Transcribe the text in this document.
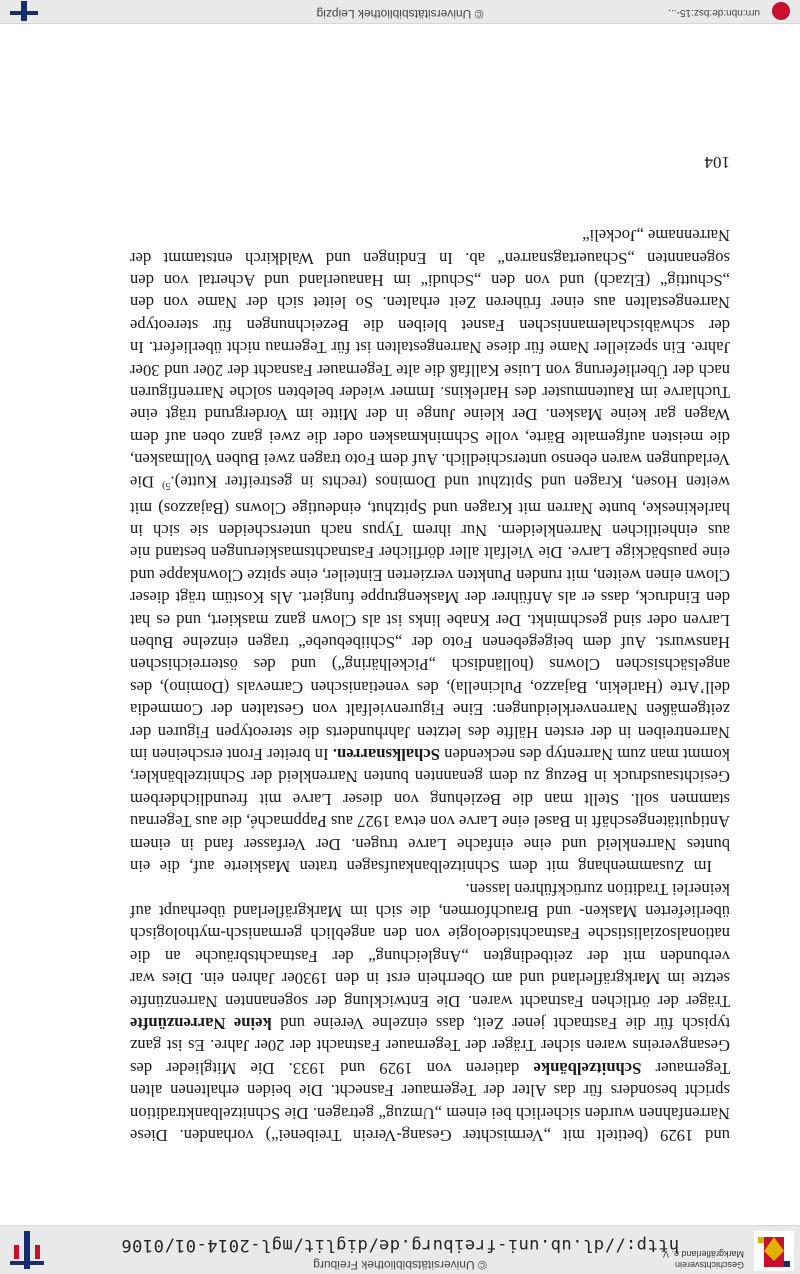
Geschichtsverein
Markgräflerland e. V.
© Universitätsbibliothek Freiburg
http://dl.ub.uni-freiburg.de/diglit/mgl-2014-01/0106

und 1929 (betitelt mit „Vermischter Gesang-Verein Treibenei“) vorhanden. Diese Narrenfahnen wurden sicherlich bei einem „Umzug“ getragen. Die Schnitzelbanktradition spricht besonders für das Alter der Tegernauer Fasnecht. Die beiden erhaltenen alten Tegernauer Schnitzelbänke datieren von 1929 und 1933. Die Mitglieder des Gesangvereins waren sicher Träger der Tegernauer Fastnacht der 20er Jahre. Es ist ganz typisch für die Fastnacht jener Zeit, dass einzelne Vereine und keine Narrenzünfte Träger der örtlichen Fastnacht waren. Die Entwicklung der sogenannten Narrenzünfte setzte im Markgräflerland und am Oberrhein erst in den 1930er Jahren ein. Dies war verbunden mit der zeitbedingten „Angleichung“ der Fastnachtsbräuche an die nationalsozialistische Fastnachtsideologie von den angeblich germanisch-mythologisch überlieferten Masken- und Brauchformen, die sich im Markgräflerland überhaupt auf keinerlei Tradition zurückführen lassen.

Im Zusammenhang mit dem Schnitzelbankaufsagen traten Maskierte auf, die ein buntes Narrenkleid und eine einfache Larve trugen. Der Verfasser fand in einem Antiquitätengeschäft in Basel eine Larve von etwa 1927 aus Pappmaché, die aus Tegernau stammen soll. Stellt man die Beziehung von dieser Larve mit freundlichderbem Gesichtsausdruck in Bezug zu dem genannten bunten Narrenkleid der Schnitzelbänkler, kommt man zum Narrentyp des neckenden Schalksnarren. In breiter Front erscheinen im Narrentreiben in der ersten Hälfte des letzten Jahrhunderts die stereotypen Figuren der zeitgemäßen Narrenverkleidungen: Eine Figurenvielfalt von Gestalten der Commedia dell’Arte (Harlekin, Bajazzo, Pulcinella), des venetianischen Carnevals (Domino), des angelsächsischen Clowns (holländisch „Pickelhäring“) und des österreichischen Hanswurst. Auf dem beigegebenen Foto der „Schiibebuebe“ tragen einzelne Buben Larven oder sind geschminkt. Der Knabe links ist als Clown ganz maskiert, und es hat den Eindruck, dass er als Anführer der Maskengruppe fungiert. Als Kostüm trägt dieser Clown einen weiten, mit runden Punkten verzierten Einteiler, eine spitze Clownkappe und eine pausbäckige Larve. Die Vielfalt aller dörflicher Fastnachtsmaskierungen bestand nie aus einheitlichen Narrenkleidern. Nur ihrem Typus nach unterscheiden sie sich in harlekineske, bunte Narren mit Kragen und Spitzhut, eindeutige Clowns (Bajazzos) mit weiten Hosen, Kragen und Spitzhut und Dominos (rechts in gestreifter Kutte).$^{5)}$ Die Verladungen waren ebenso unterschiedlich. Auf dem Foto tragen zwei Buben Vollmasken, die meisten aufgemalte Bärte, volle Schminkmasken oder die zwei ganz oben auf dem Wagen gar keine Masken. Der kleine Junge in der Mitte im Vordergrund trägt eine Tuchlarve im Rautenmuster des Harlekins. Immer wieder belebten solche Narrenfiguren nach der Überlieferung von Luise Kallfaß die alte Tegernauer Fasnacht der 20er und 30er Jahre. Ein spezieller Name für diese Narrengestalten ist für Tegernau nicht überliefert. In der schwäbischalemannischen Fasnet bleiben die Bezeichnungen für stereotype Narrengestalten aus einer früheren Zeit erhalten. So leitet sich der Name von den „Schuttig“ (Elzach) und von den „Schudi“ im Hanauerland und Achertal von den sogenannten „Schauertagsnarren“ ab. In Endingen und Waldkirch entstammt der Narrenname „Jockeli“

104
urn:nbn:de:bsz:15-...
© Universitätsbibliothek Leipzig
